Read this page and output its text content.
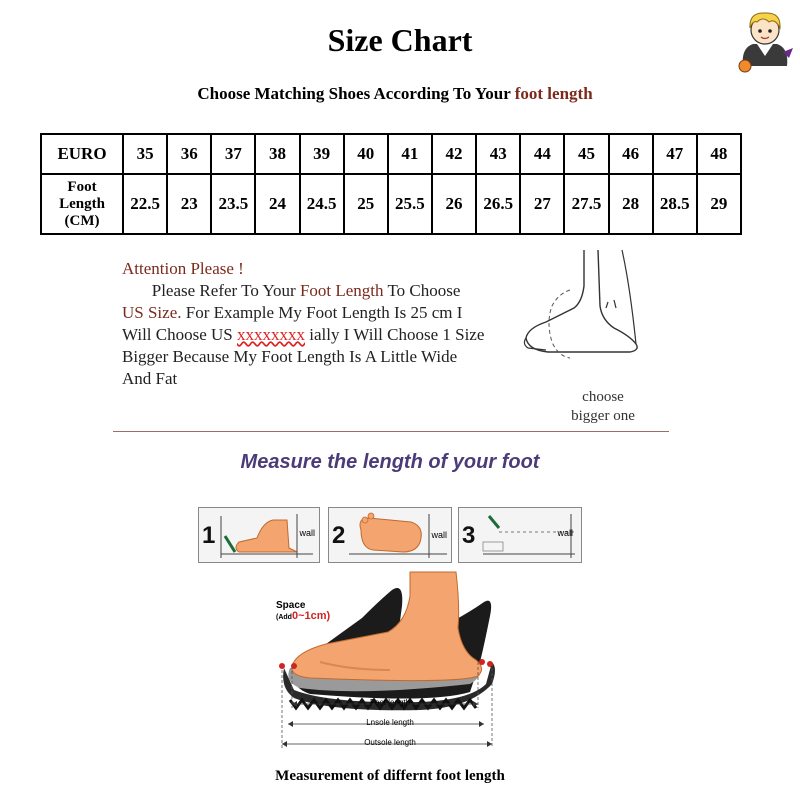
Size Chart
Choose Matching Shoes According To Your foot length
EURO	35	36	37	38	39	40	41	42	43	44	45	46	47	48
Foot
Length
(CM)	22.5	23	23.5	24	24.5	25	25.5	26	26.5	27	27.5	28	28.5	29

Attention Please !

Please Refer To Your Foot Length To Choose

US Size. For Example My Foot Length Is 25 cm I

Will Choose US xxxxxxxx ially I Will Choose 1 Size

Bigger Because My Foot Length Is A Little Wide

And Fat

choose
bigger one
Measure the length of your foot
1	wall 2	wall 3	wall
Space
(Add0~1cm)
Foot length
Lnsole length
Outsole length
Measurement of differnt foot length
